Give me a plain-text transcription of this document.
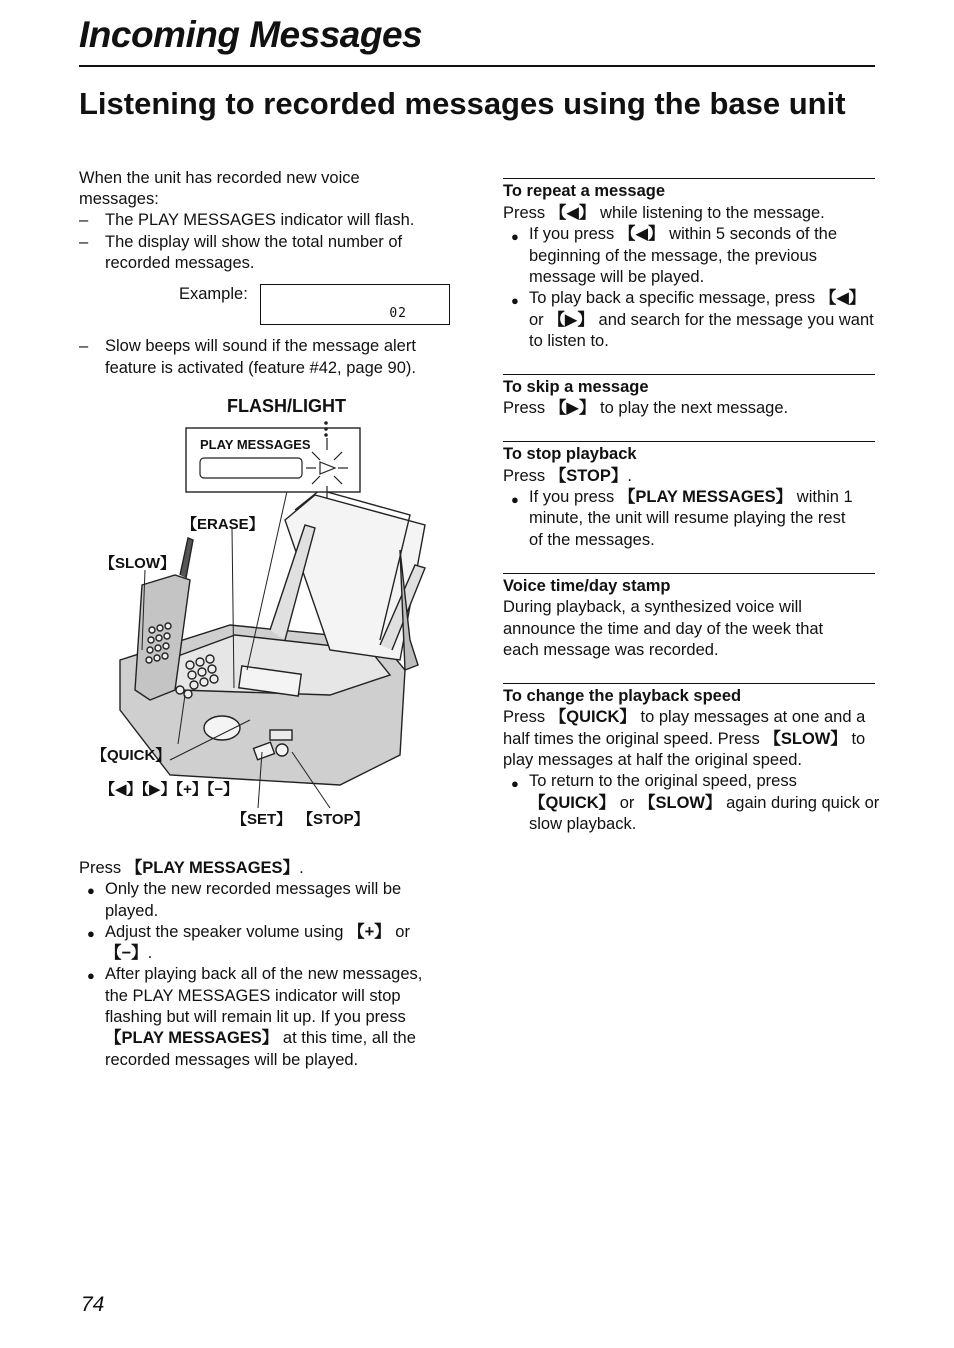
Incoming Messages
Listening to recorded messages using the base unit
When the unit has recorded new voice
messages:
– The PLAY MESSAGES indicator will flash.
– The display will show the total number of
recorded messages.
Example:
– Slow beeps will sound if the message alert
feature is activated (feature #42, page 90).
Press 【PLAY MESSAGES】.
● Only the new recorded messages will be
played.
● Adjust the speaker volume using 【+】 or
【−】.
● After playing back all of the new messages,
the PLAY MESSAGES indicator will stop
flashing but will remain lit up. If you press
【PLAY MESSAGES】 at this time, all the
recorded messages will be played.
02
FLASH/LIGHT
PLAY MESSAGES
【ERASE】
【SLOW】
【QUICK】
【◀】【▶】【+】【−】
【SET】 【STOP】
To repeat a message
Press 【◀】 while listening to the message.
● If you press 【◀】 within 5 seconds of the
beginning of the message, the previous
message will be played.
● To play back a specific message, press 【◀】
or 【▶】 and search for the message you want
to listen to.
To skip a message
Press 【▶】 to play the next message.
To stop playback
Press 【STOP】.
● If you press 【PLAY MESSAGES】 within 1
minute, the unit will resume playing the rest
of the messages.
Voice time/day stamp
During playback, a synthesized voice will
announce the time and day of the week that
each message was recorded.
To change the playback speed
Press 【QUICK】 to play messages at one and a
half times the original speed. Press 【SLOW】 to
play messages at half the original speed.
● To return to the original speed, press
【QUICK】 or 【SLOW】 again during quick or
slow playback.
74
